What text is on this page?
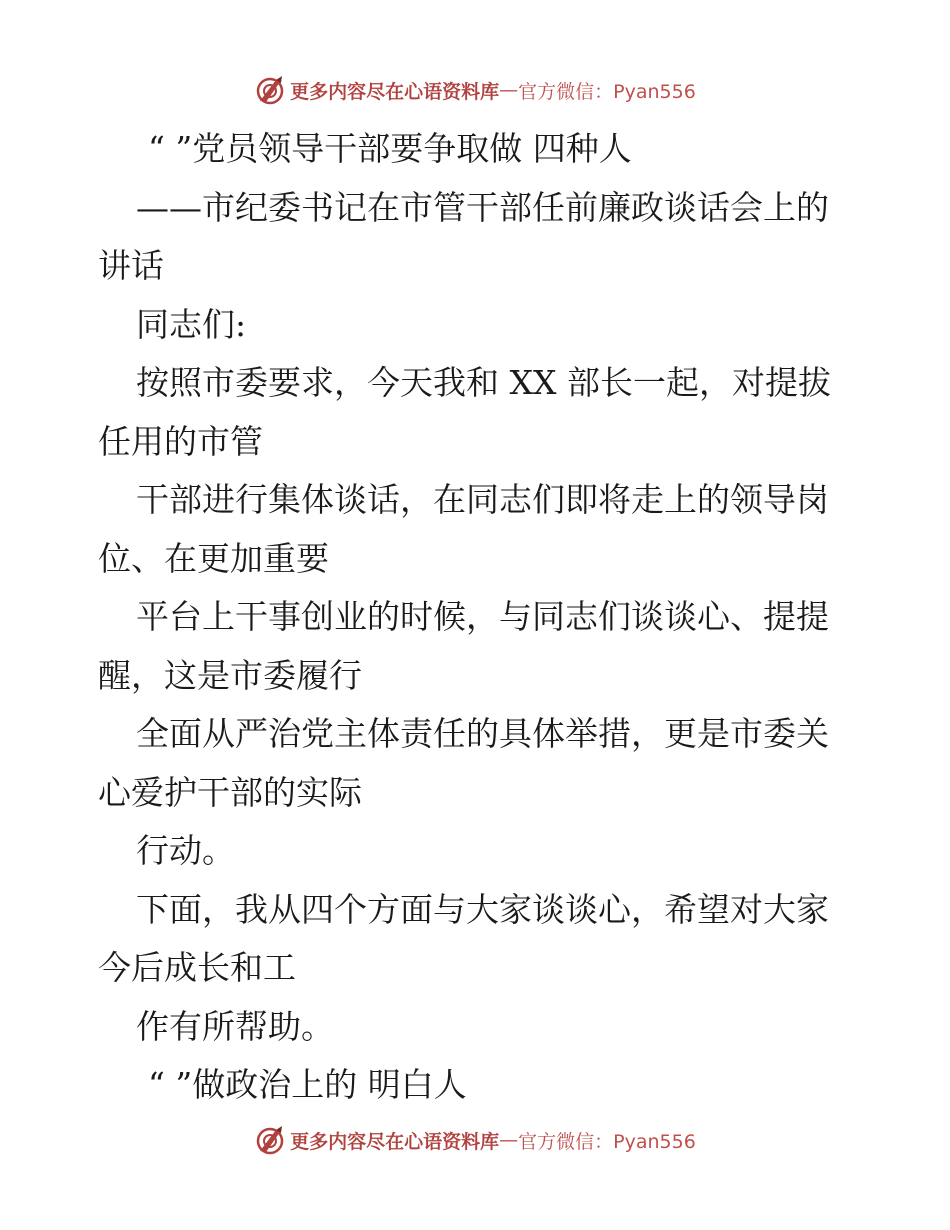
更多内容尽在心语资料库 — 官方微信：Pyan556
“ ”党员领导干部要争取做 四种人
——市纪委书记在市管干部任前廉政谈话会上的
讲话
同志们:
按照市委要求，今天我和 XX 部长一起，对提拔
任用的市管
干部进行集体谈话，在同志们即将走上的领导岗
位、在更加重要
平台上干事创业的时候，与同志们谈谈心、提提
醒，这是市委履行
全面从严治党主体责任的具体举措，更是市委关
心爱护干部的实际
行动。
下面，我从四个方面与大家谈谈心，希望对大家
今后成长和工
作有所帮助。
“ ”做政治上的 明白人
更多内容尽在心语资料库 — 官方微信：Pyan556
